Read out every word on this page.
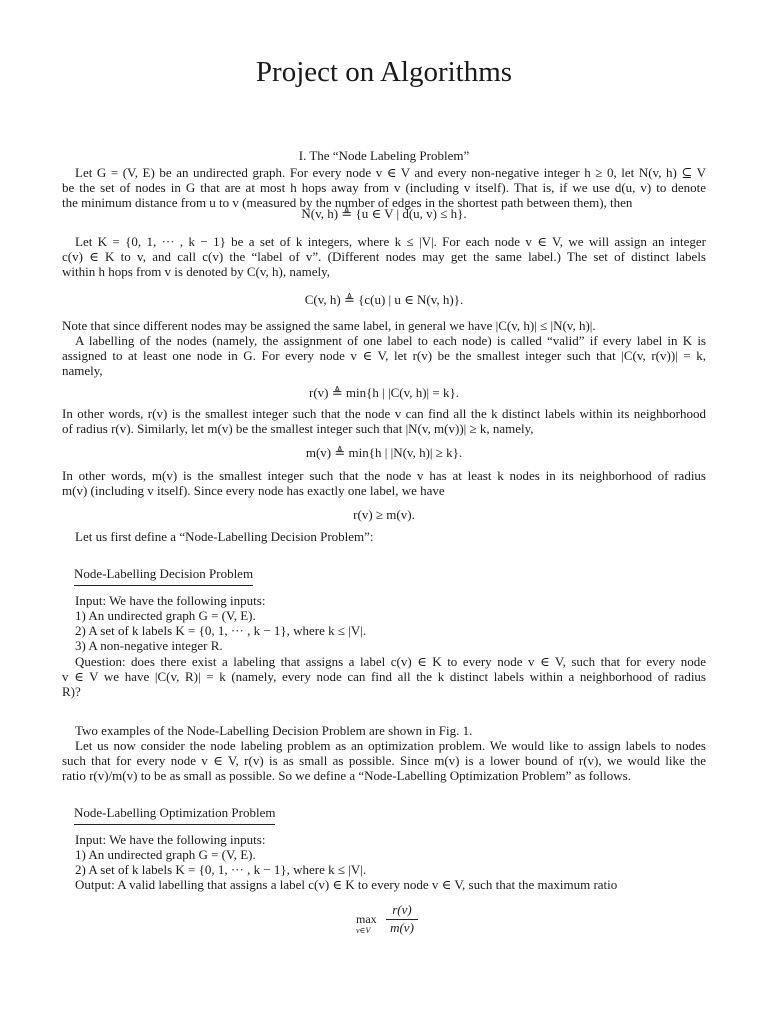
Project on Algorithms
I. The “Node Labeling Problem”
Let G = (V, E) be an undirected graph. For every node v ∈ V and every non-negative integer h ≥ 0, let N(v, h) ⊆ V
be the set of nodes in G that are at most h hops away from v (including v itself). That is, if we use d(u, v) to denote
the minimum distance from u to v (measured by the number of edges in the shortest path between them), then
N(v, h) ≜ {u ∈ V | d(u, v) ≤ h}.
Let K = {0, 1, ··· , k − 1} be a set of k integers, where k ≤ |V|. For each node v ∈ V, we will assign an integer
c(v) ∈ K to v, and call c(v) the “label of v”. (Different nodes may get the same label.) The set of distinct labels
within h hops from v is denoted by C(v, h), namely,
C(v, h) ≜ {c(u) | u ∈ N(v, h)}.
Note that since different nodes may be assigned the same label, in general we have |C(v, h)| ≤ |N(v, h)|.
A labelling of the nodes (namely, the assignment of one label to each node) is called “valid” if every label in K is
assigned to at least one node in G. For every node v ∈ V, let r(v) be the smallest integer such that |C(v, r(v))| = k,
namely,
r(v) ≜ min{h | |C(v, h)| = k}.
In other words, r(v) is the smallest integer such that the node v can find all the k distinct labels within its neighborhood
of radius r(v). Similarly, let m(v) be the smallest integer such that |N(v, m(v))| ≥ k, namely,
m(v) ≜ min{h | |N(v, h)| ≥ k}.
In other words, m(v) is the smallest integer such that the node v has at least k nodes in its neighborhood of radius
m(v) (including v itself). Since every node has exactly one label, we have
r(v) ≥ m(v).
Let us first define a “Node-Labelling Decision Problem”:
Node-Labelling Decision Problem
Input: We have the following inputs:
1) An undirected graph G = (V, E).
2) A set of k labels K = {0, 1, ··· , k − 1}, where k ≤ |V|.
3) A non-negative integer R.
Question: does there exist a labeling that assigns a label c(v) ∈ K to every node v ∈ V, such that for every node
v ∈ V we have |C(v, R)| = k (namely, every node can find all the k distinct labels within a neighborhood of radius
R)?
Two examples of the Node-Labelling Decision Problem are shown in Fig. 1.
Let us now consider the node labeling problem as an optimization problem. We would like to assign labels to nodes
such that for every node v ∈ V, r(v) is as small as possible. Since m(v) is a lower bound of r(v), we would like the
ratio r(v)/m(v) to be as small as possible. So we define a “Node-Labelling Optimization Problem” as follows.
Node-Labelling Optimization Problem
Input: We have the following inputs:
1) An undirected graph G = (V, E).
2) A set of k labels K = {0, 1, ··· , k − 1}, where k ≤ |V|.
Output: A valid labelling that assigns a label c(v) ∈ K to every node v ∈ V, such that the maximum ratio
max
v∈V
r(v)
m(v)
